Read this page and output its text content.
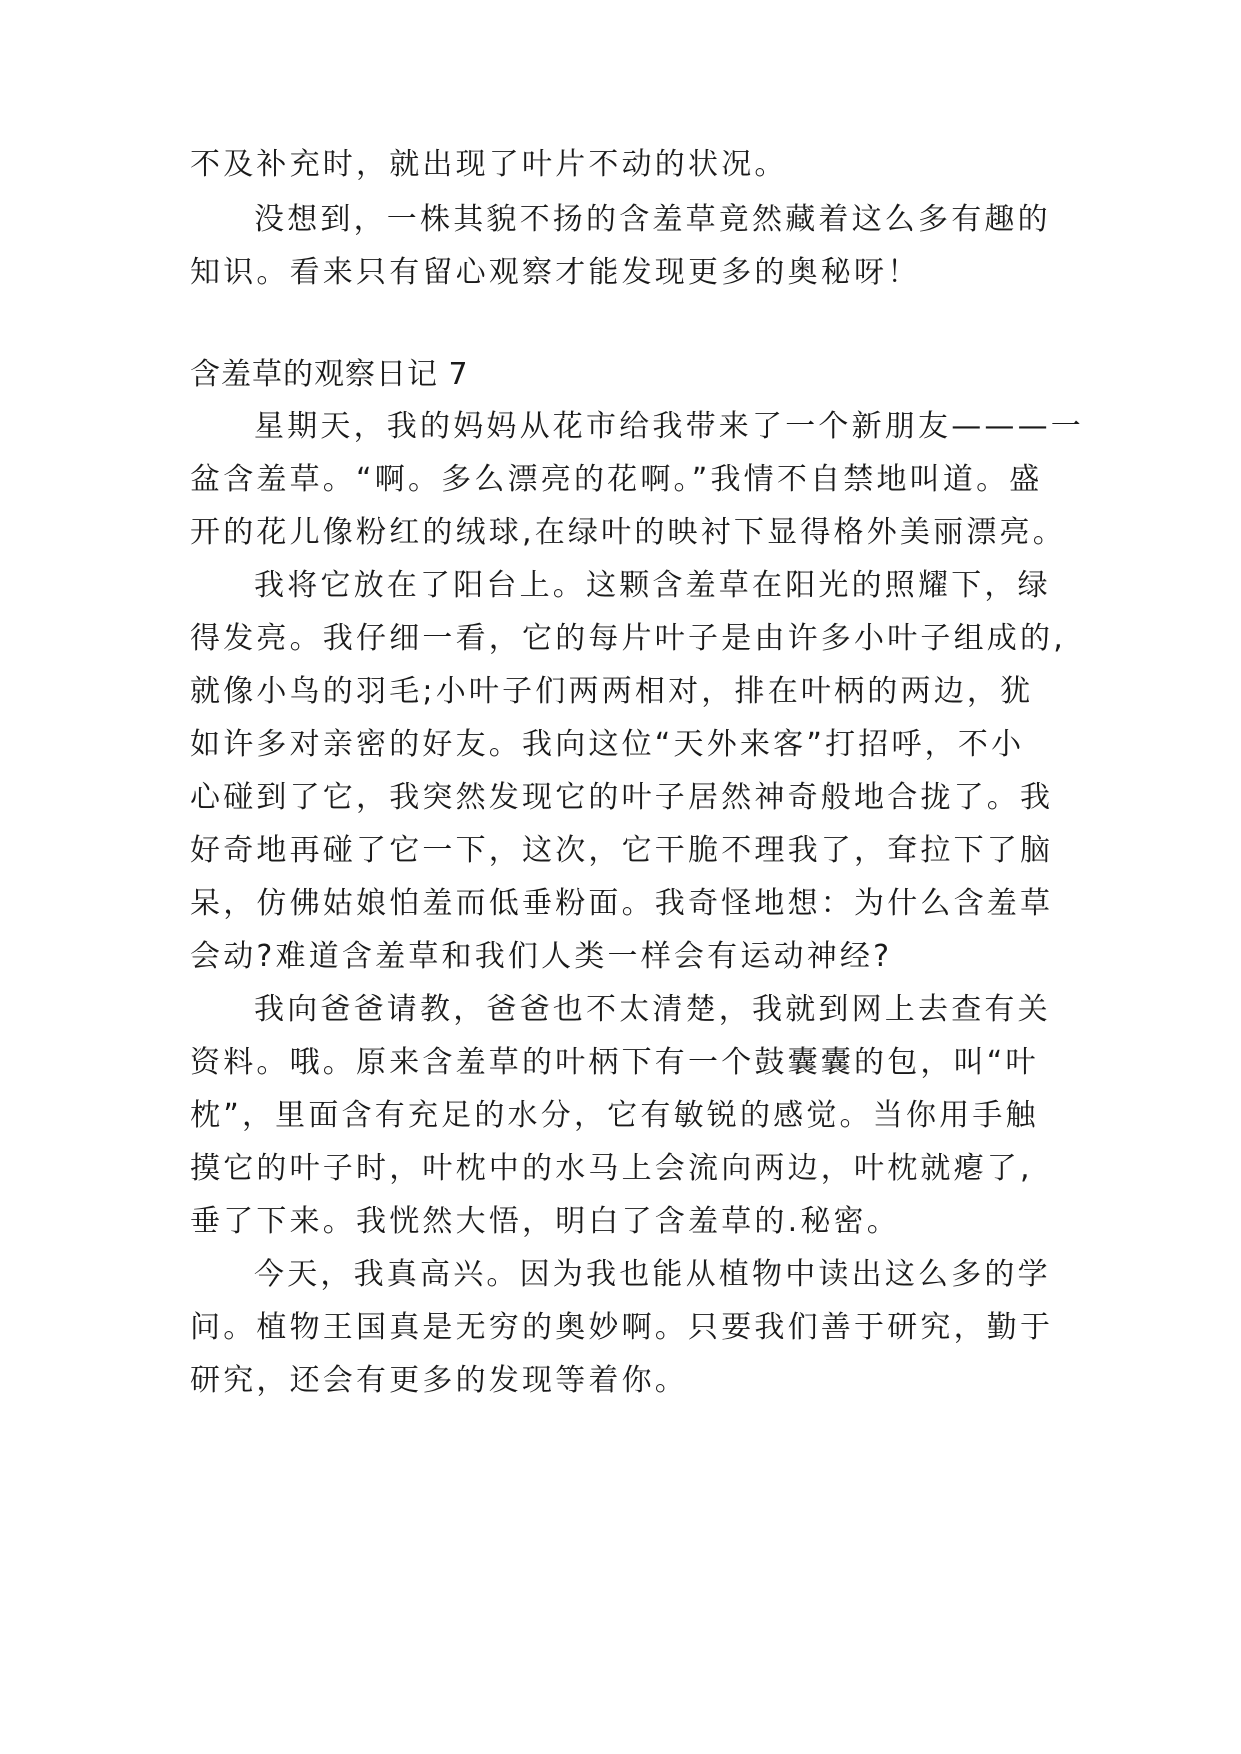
不及补充时，就出现了叶片不动的状况。
没想到，一株其貌不扬的含羞草竟然藏着这么多有趣的
知识。看来只有留心观察才能发现更多的奥秘呀！
含羞草的观察日记 7
星期天，我的妈妈从花市给我带来了一个新朋友———一
盆含羞草。“啊。多么漂亮的花啊。”我情不自禁地叫道。盛
开的花儿像粉红的绒球,在绿叶的映衬下显得格外美丽漂亮。
我将它放在了阳台上。这颗含羞草在阳光的照耀下，绿
得发亮。我仔细一看，它的每片叶子是由许多小叶子组成的,
就像小鸟的羽毛;小叶子们两两相对，排在叶柄的两边，犹
如许多对亲密的好友。我向这位“天外来客”打招呼，不小
心碰到了它，我突然发现它的叶子居然神奇般地合拢了。我
好奇地再碰了它一下，这次，它干脆不理我了，耷拉下了脑
呆，仿佛姑娘怕羞而低垂粉面。我奇怪地想：为什么含羞草
会动?难道含羞草和我们人类一样会有运动神经?
我向爸爸请教，爸爸也不太清楚，我就到网上去查有关
资料。哦。原来含羞草的叶柄下有一个鼓囊囊的包，叫“叶
枕”，里面含有充足的水分，它有敏锐的感觉。当你用手触
摸它的叶子时，叶枕中的水马上会流向两边，叶枕就瘪了,
垂了下来。我恍然大悟，明白了含羞草的.秘密。
今天，我真高兴。因为我也能从植物中读出这么多的学
问。植物王国真是无穷的奥妙啊。只要我们善于研究，勤于
研究，还会有更多的发现等着你。
